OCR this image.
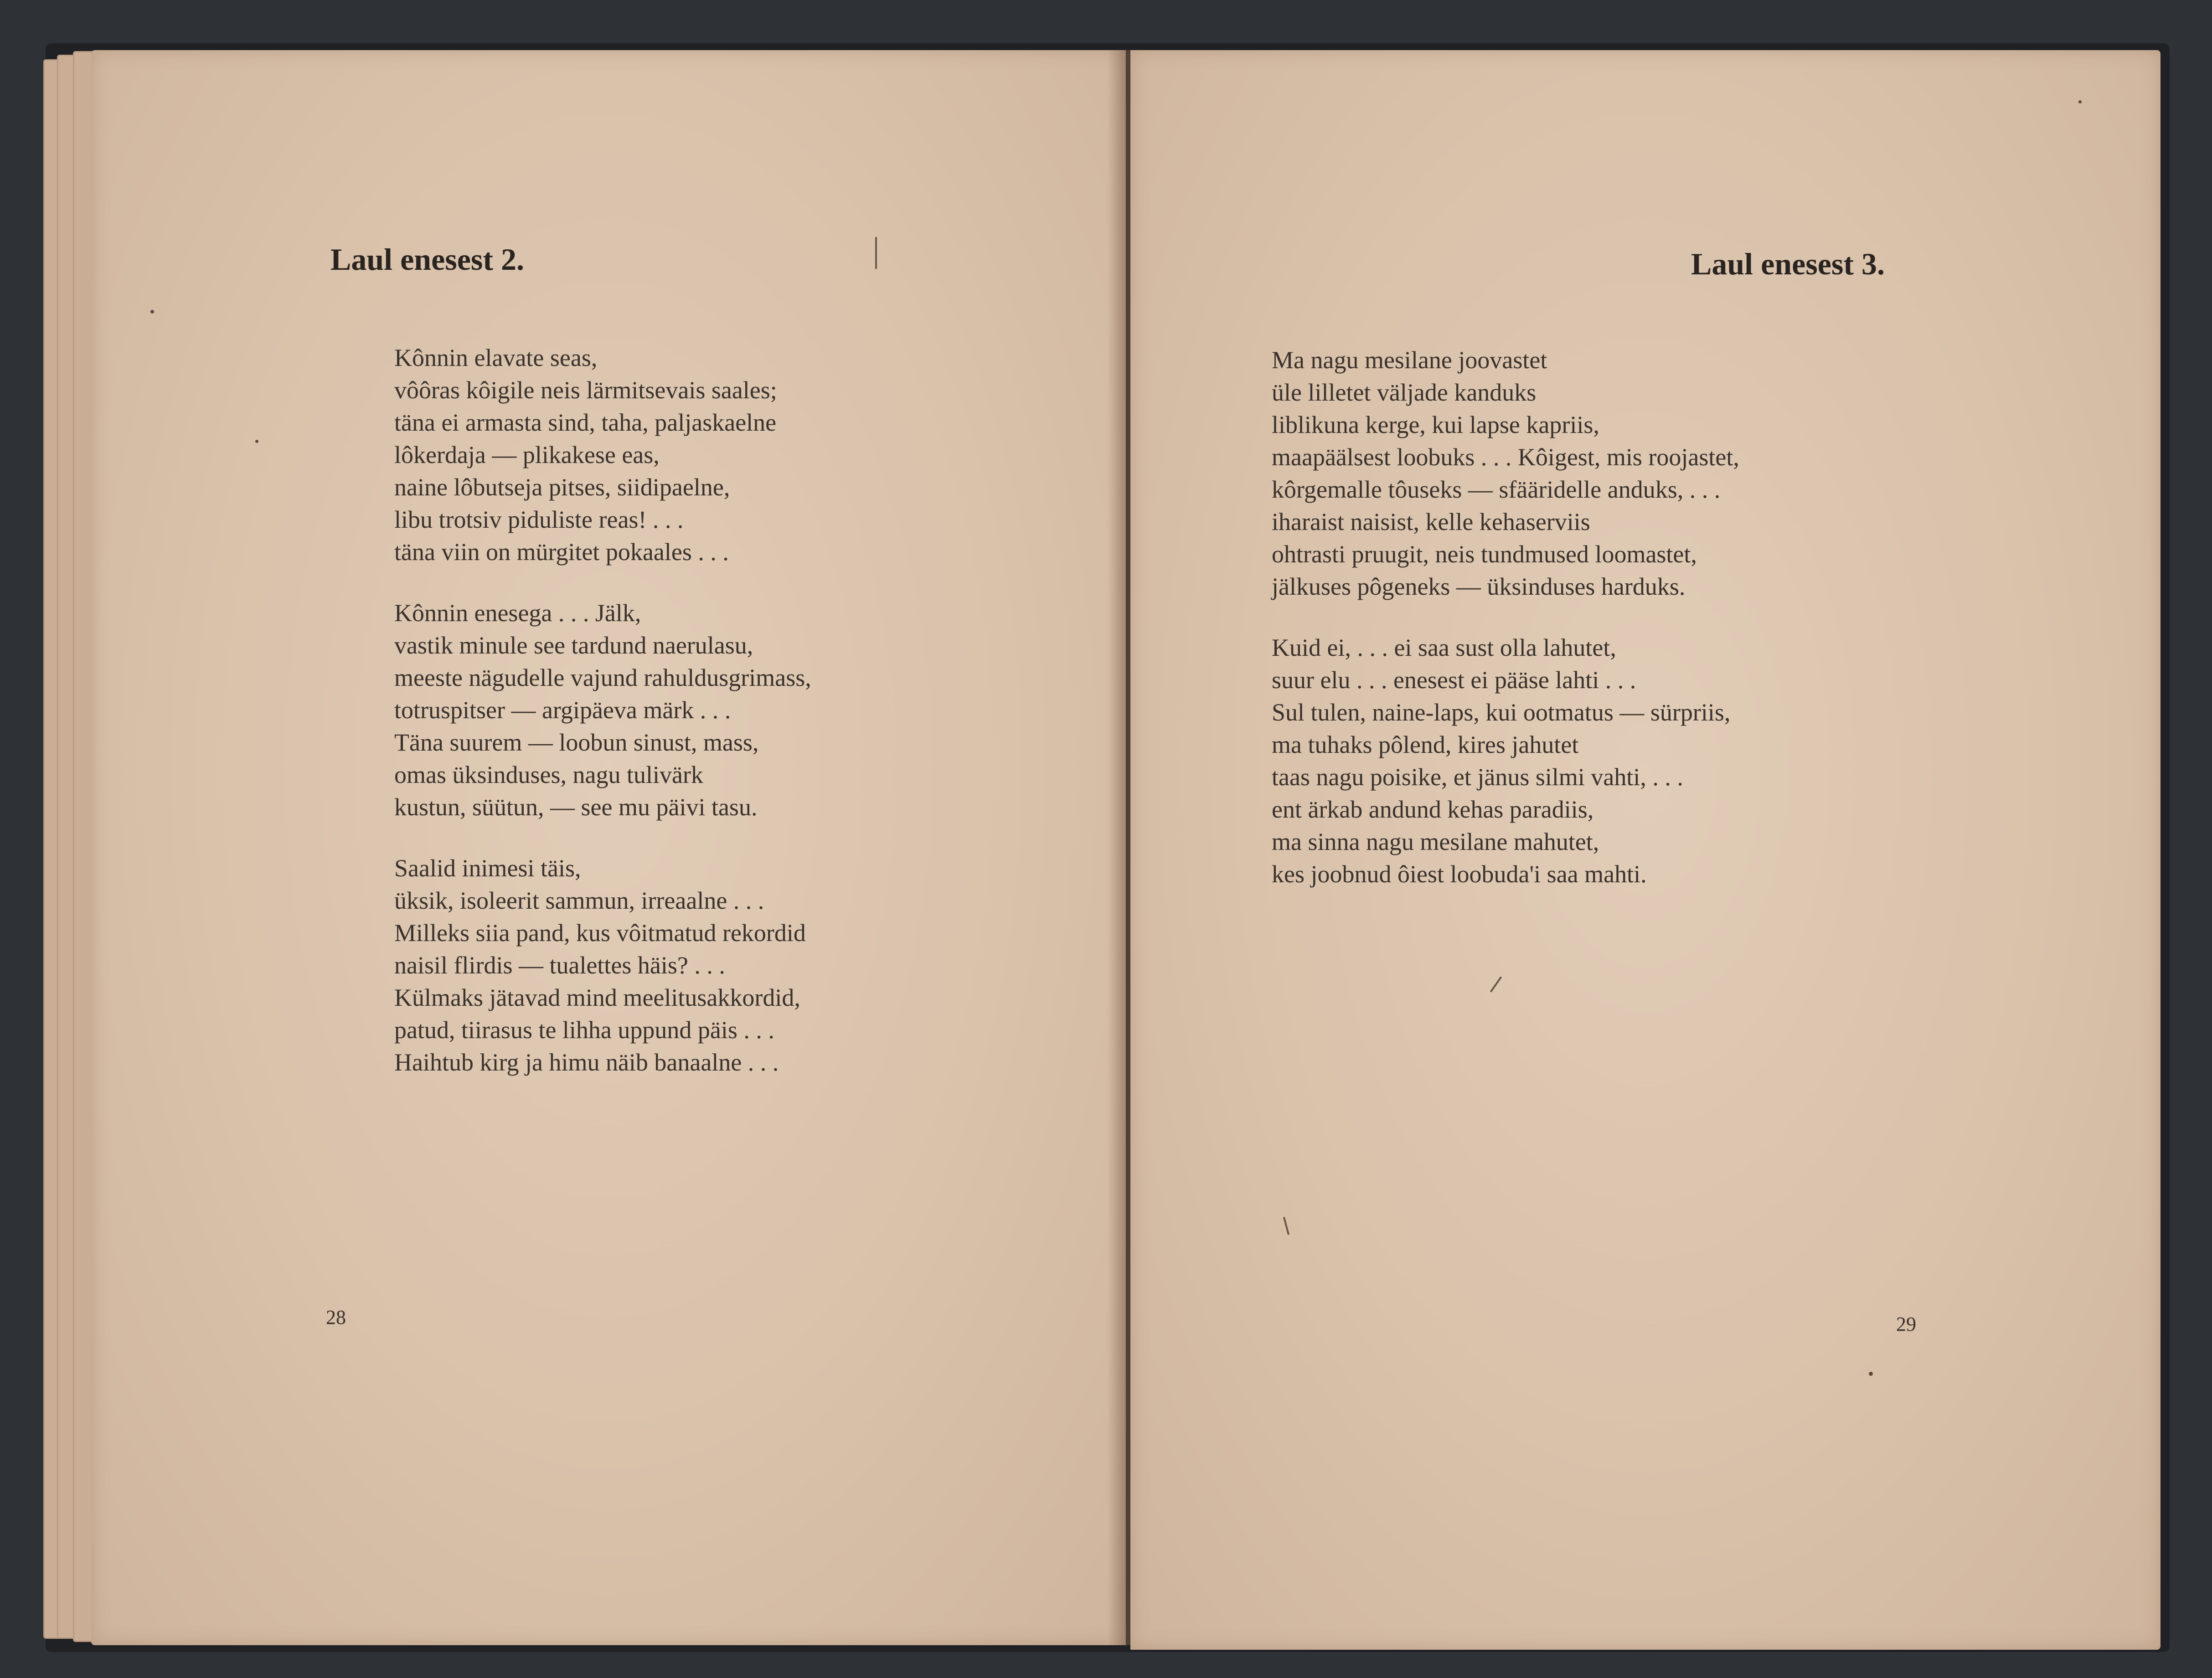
Laul enesest 2.
Kônnin elavate seas,
vôôras kôigile neis lärmitsevais saales;
täna ei armasta sind, taha, paljaskaelne
lôkerdaja — plikakese eas,
naine lôbutseja pitses, siidipaelne,
libu trotsiv piduliste reas! . . .
täna viin on mürgitet pokaales . . .
Kônnin enesega . . . Jälk,
vastik minule see tardund naerulasu,
meeste nägudelle vajund rahuldusgrimass,
totruspitser — argipäeva märk . . .
Täna suurem — loobun sinust, mass,
omas üksinduses, nagu tulivärk
kustun, süütun, — see mu päivi tasu.
Saalid inimesi täis,
üksik, isoleerit sammun, irreaalne . . .
Milleks siia pand, kus vôitmatud rekordid
naisil flirdis — tualettes häis? . . .
Külmaks jätavad mind meelitusakkordid,
patud, tiirasus te lihha uppund päis . . .
Haihtub kirg ja himu näib banaalne . . .
28
Laul enesest 3.
Ma nagu mesilane joovastet
üle lilletet väljade kanduks
liblikuna kerge, kui lapse kapriis,
maapäälsest loobuks . . . Kôigest, mis roojastet,
kôrgemalle tôuseks — sfääridelle anduks, . . .
iharaist naisist, kelle kehaserviis
ohtrasti pruugit, neis tundmused loomastet,
jälkuses pôgeneks — üksinduses harduks.
Kuid ei, . . . ei saa sust olla lahutet,
suur elu . . . enesest ei pääse lahti . . .
Sul tulen, naine-laps, kui ootmatus — sürpriis,
ma tuhaks pôlend, kires jahutet
taas nagu poisike, et jänus silmi vahti, . . .
ent ärkab andund kehas paradiis,
ma sinna nagu mesilane mahutet,
kes joobnud ôiest loobuda'i saa mahti.
29
